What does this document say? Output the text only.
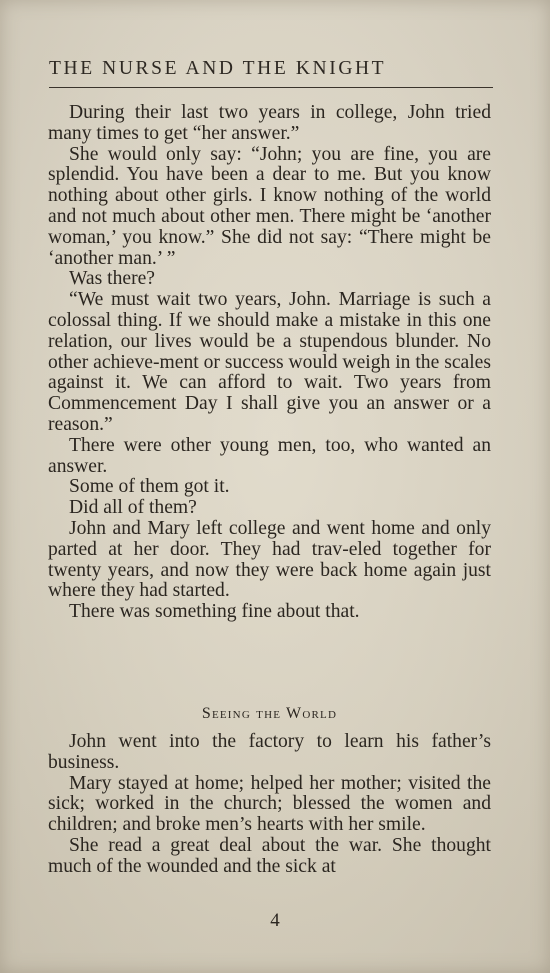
THE NURSE AND THE KNIGHT

During their last two years in college, John tried many times to get “her answer.”

She would only say: “John; you are fine, you are splendid. You have been a dear to me. But you know nothing about other girls. I know nothing of the world and not much about other men. There might be ‘another woman,’ you know.” She did not say: “There might be ‘another man.’ ”

Was there?

“We must wait two years, John. Marriage is such a colossal thing. If we should make a mistake in this one relation, our lives would be a stupendous blunder. No other achieve-ment or success would weigh in the scales against it. We can afford to wait. Two years from Commencement Day I shall give you an answer or a reason.”

There were other young men, too, who wanted an answer.

Some of them got it.

Did all of them?

John and Mary left college and went home and only parted at her door. They had trav-eled together for twenty years, and now they were back home again just where they had started.

There was something fine about that.

Seeing the World

John went into the factory to learn his father’s business.

Mary stayed at home; helped her mother; visited the sick; worked in the church; blessed the women and children; and broke men’s hearts with her smile.

She read a great deal about the war. She thought much of the wounded and the sick at

4
